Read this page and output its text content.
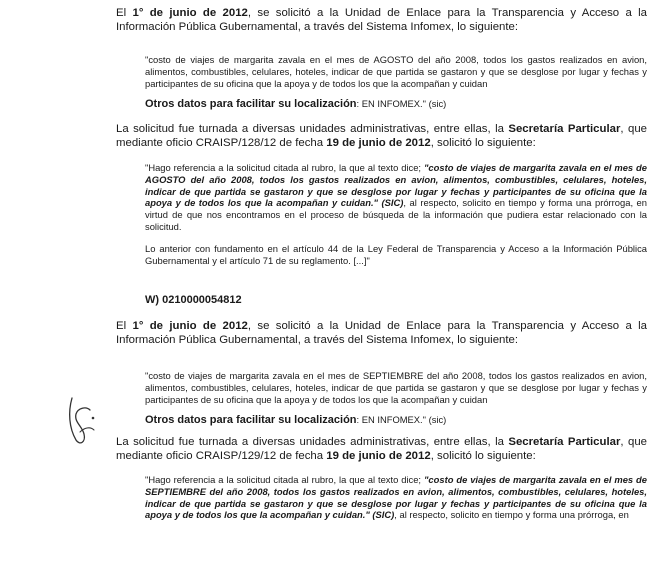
El 1° de junio de 2012, se solicitó a la Unidad de Enlace para la Transparencia y Acceso a la Información Pública Gubernamental, a través del Sistema Infomex, lo siguiente:

"costo de viajes de margarita zavala en el mes de AGOSTO del año 2008, todos los gastos realizados en avion, alimentos, combustibles, celulares, hoteles, indicar de que partida se gastaron y que se desglose por lugar y fechas y participantes de su oficina que la apoya y de todos los que la acompañan y cuidan

Otros datos para facilitar su localización: EN INFOMEX." (sic)

La solicitud fue turnada a diversas unidades administrativas, entre ellas, la Secretaría Particular, que mediante oficio CRAISP/128/12 de fecha 19 de junio de 2012, solicitó lo siguiente:

"Hago referencia a la solicitud citada al rubro, la que al texto dice; "costo de viajes de margarita zavala en el mes de AGOSTO del año 2008, todos los gastos realizados en avion, alimentos, combustibles, celulares, hoteles, indicar de que partida se gastaron y que se desglose por lugar y fechas y participantes de su oficina que la apoya y de todos los que la acompañan y cuidan." (SIC), al respecto, solicito en tiempo y forma una prórroga, en virtud de que nos encontramos en el proceso de búsqueda de la información que pudiera estar relacionado con la solicitud.

Lo anterior con fundamento en el artículo 44 de la Ley Federal de Transparencia y Acceso a la Información Pública Gubernamental y el artículo 71 de su reglamento. [...]"

W) 0210000054812

El 1° de junio de 2012, se solicitó a la Unidad de Enlace para la Transparencia y Acceso a la Información Pública Gubernamental, a través del Sistema Infomex, lo siguiente:

"costo de viajes de margarita zavala en el mes de SEPTIEMBRE del año 2008, todos los gastos realizados en avion, alimentos, combustibles, celulares, hoteles, indicar de que partida se gastaron y que se desglose por lugar y fechas y participantes de su oficina que la apoya y de todos los que la acompañan y cuidan

Otros datos para facilitar su localización: EN INFOMEX." (sic)

La solicitud fue turnada a diversas unidades administrativas, entre ellas, la Secretaría Particular, que mediante oficio CRAISP/129/12 de fecha 19 de junio de 2012, solicitó lo siguiente:

"Hago referencia a la solicitud citada al rubro, la que al texto dice; "costo de viajes de margarita zavala en el mes de SEPTIEMBRE del año 2008, todos los gastos realizados en avion, alimentos, combustibles, celulares, hoteles, indicar de que partida se gastaron y que se desglose por lugar y fechas y participantes de su oficina que la apoya y de todos los que la acompañan y cuidan." (SIC), al respecto, solicito en tiempo y forma una prórroga, en
